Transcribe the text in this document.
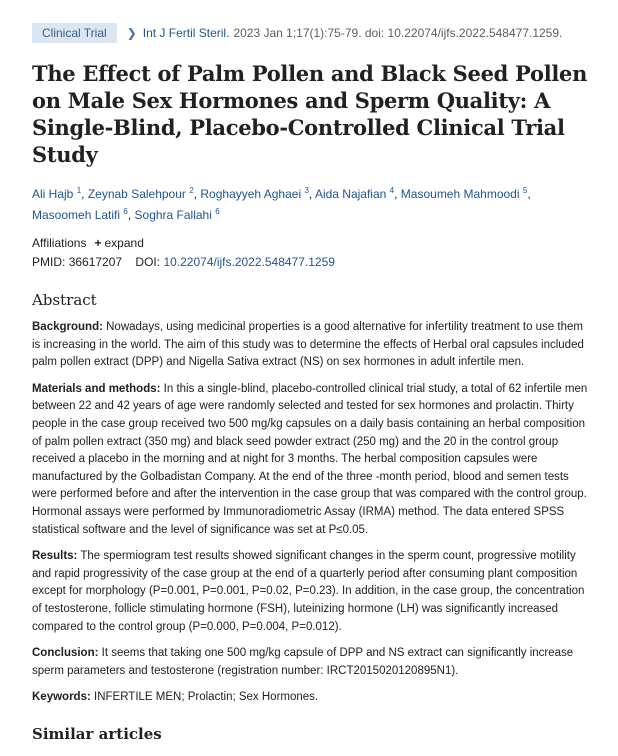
Clinical Trial	❯ Int J Fertil Steril. 2023 Jan 1;17(1):75-79. doi: 10.22074/ijfs.2022.548477.1259.
The Effect of Palm Pollen and Black Seed Pollen on Male Sex Hormones and Sperm Quality: A Single-Blind, Placebo-Controlled Clinical Trial Study
Ali Hajb $^1$, Zeynab Salehpour $^2$, Roghayyeh Aghaei $^3$, Aida Najafian $^4$, Masoumeh Mahmoodi $^5$,
Masoomeh Latifi $^6$, Soghra Fallahi $^6$
Affiliations + expand
PMID: 36617207 DOI: 10.22074/ijfs.2022.548477.1259
Abstract

Background: Nowadays, using medicinal properties is a good alternative for infertility treatment to use them is increasing in the world. The aim of this study was to determine the effects of Herbal oral capsules included palm pollen extract (DPP) and Nigella Sativa extract (NS) on sex hormones in adult infertile men.

Materials and methods: In this a single-blind, placebo-controlled clinical trial study, a total of 62 infertile men between 22 and 42 years of age were randomly selected and tested for sex hormones and prolactin. Thirty people in the case group received two 500 mg/kg capsules on a daily basis containing an herbal composition of palm pollen extract (350 mg) and black seed powder extract (250 mg) and the 20 in the control group received a placebo in the morning and at night for 3 months. The herbal composition capsules were manufactured by the Golbadistan Company. At the end of the three -month period, blood and semen tests were performed before and after the intervention in the case group that was compared with the control group. Hormonal assays were performed by Immunoradiometric Assay (IRMA) method. The data entered SPSS statistical software and the level of significance was set at P≤0.05.

Results: The spermiogram test results showed significant changes in the sperm count, progressive motility and rapid progressivity of the case group at the end of a quarterly period after consuming plant composition except for morphology (P=0.001, P=0.001, P=0.02, P=0.23). In addition, in the case group, the concentration of testosterone, follicle stimulating hormone (FSH), luteinizing hormone (LH) was significantly increased compared to the control group (P=0.000, P=0.004, P=0.012).

Conclusion: It seems that taking one 500 mg/kg capsule of DPP and NS extract can significantly increase sperm parameters and testosterone (registration number: IRCT2015020120895N1).

Keywords: INFERTILE MEN; Prolactin; Sex Hormones.

Similar articles
